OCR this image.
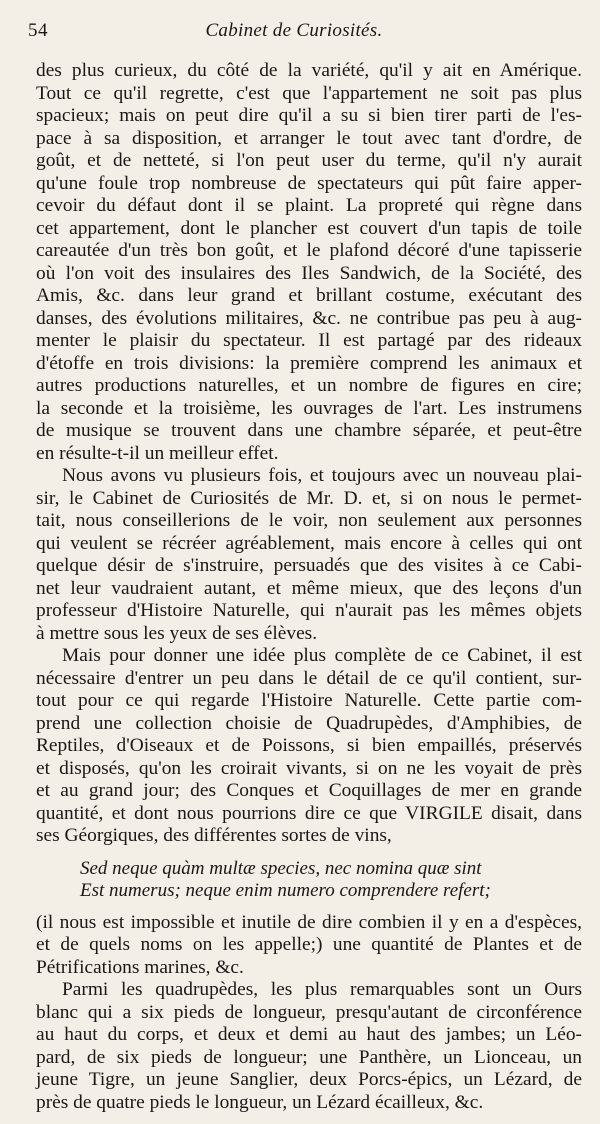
54	Cabinet de Curiosités.
des plus curieux, du côté de la variété, qu'il y ait en Amérique.
Tout ce qu'il regrette, c'est que l'appartement ne soit pas plus
spacieux; mais on peut dire qu'il a su si bien tirer parti de l'es-
pace à sa disposition, et arranger le tout avec tant d'ordre, de
goût, et de netteté, si l'on peut user du terme, qu'il n'y aurait
qu'une foule trop nombreuse de spectateurs qui pût faire apper-
cevoir du défaut dont il se plaint. La propreté qui règne dans
cet appartement, dont le plancher est couvert d'un tapis de toile
careautée d'un très bon goût, et le plafond décoré d'une tapisserie
où l'on voit des insulaires des Iles Sandwich, de la Société, des
Amis, &c. dans leur grand et brillant costume, exécutant des
danses, des évolutions militaires, &c. ne contribue pas peu à aug-
menter le plaisir du spectateur. Il est partagé par des rideaux
d'étoffe en trois divisions: la première comprend les animaux et
autres productions naturelles, et un nombre de figures en cire;
la seconde et la troisième, les ouvrages de l'art. Les instrumens
de musique se trouvent dans une chambre séparée, et peut-être
en résulte-t-il un meilleur effet.
Nous avons vu plusieurs fois, et toujours avec un nouveau plai-
sir, le Cabinet de Curiosités de Mr. D. et, si on nous le permet-
tait, nous conseillerions de le voir, non seulement aux personnes
qui veulent se récréer agréablement, mais encore à celles qui ont
quelque désir de s'instruire, persuadés que des visites à ce Cabi-
net leur vaudraient autant, et même mieux, que des leçons d'un
professeur d'Histoire Naturelle, qui n'aurait pas les mêmes objets
à mettre sous les yeux de ses élèves.
Mais pour donner une idée plus complète de ce Cabinet, il est
nécessaire d'entrer un peu dans le détail de ce qu'il contient, sur-
tout pour ce qui regarde l'Histoire Naturelle. Cette partie com-
prend une collection choisie de Quadrupèdes, d'Amphibies, de
Reptiles, d'Oiseaux et de Poissons, si bien empaillés, préservés
et disposés, qu'on les croirait vivants, si on ne les voyait de près
et au grand jour; des Conques et Coquillages de mer en grande
quantité, et dont nous pourrions dire ce que VIRGILE disait, dans
ses Géorgiques, des différentes sortes de vins,
Sed neque quàm multæ species, nec nomina quæ sint
Est numerus; neque enim numero comprendere refert;
(il nous est impossible et inutile de dire combien il y en a d'espèces,
et de quels noms on les appelle;) une quantité de Plantes et de
Pétrifications marines, &c.
Parmi les quadrupèdes, les plus remarquables sont un Ours
blanc qui a six pieds de longueur, presqu'autant de circonférence
au haut du corps, et deux et demi au haut des jambes; un Léo-
pard, de six pieds de longueur; une Panthère, un Lionceau, un
jeune Tigre, un jeune Sanglier, deux Porcs-épics, un Lézard, de
près de quatre pieds le longueur, un Lézard écailleux, &c.
